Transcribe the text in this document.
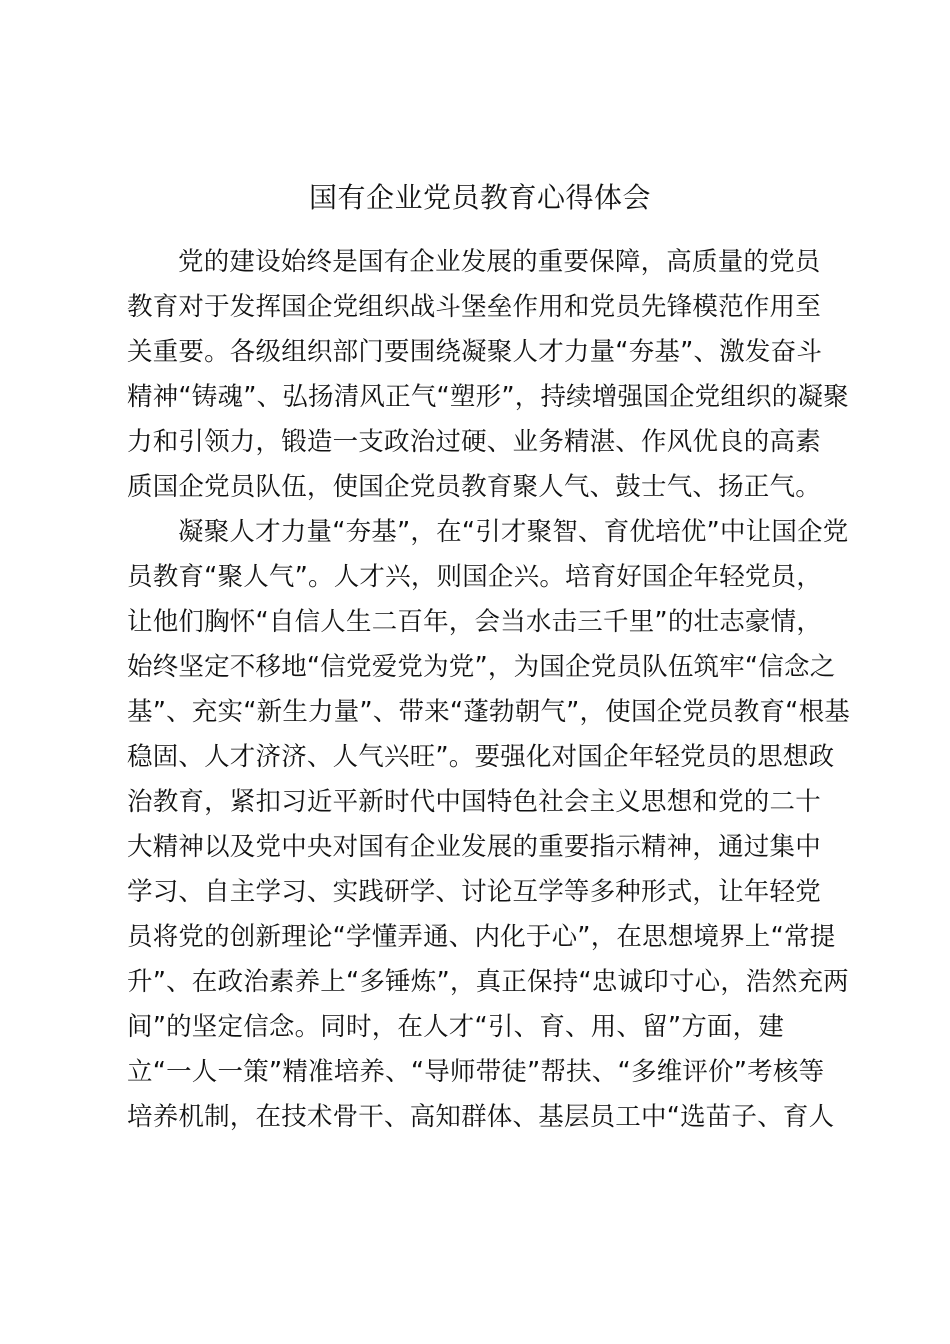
国有企业党员教育心得体会
党的建设始终是国有企业发展的重要保障，高质量的党员
教育对于发挥国企党组织战斗堡垒作用和党员先锋模范作用至
关重要。各级组织部门要围绕凝聚人才力量“夯基”、激发奋斗
精神“铸魂”、弘扬清风正气“塑形”，持续增强国企党组织的凝聚
力和引领力，锻造一支政治过硬、业务精湛、作风优良的高素
质国企党员队伍，使国企党员教育聚人气、鼓士气、扬正气。
凝聚人才力量“夯基”，在“引才聚智、育优培优”中让国企党
员教育“聚人气”。人才兴，则国企兴。培育好国企年轻党员，
让他们胸怀“自信人生二百年，会当水击三千里”的壮志豪情，
始终坚定不移地“信党爱党为党”，为国企党员队伍筑牢“信念之
基”、充实“新生力量”、带来“蓬勃朝气”，使国企党员教育“根基
稳固、人才济济、人气兴旺”。要强化对国企年轻党员的思想政
治教育，紧扣习近平新时代中国特色社会主义思想和党的二十
大精神以及党中央对国有企业发展的重要指示精神，通过集中
学习、自主学习、实践研学、讨论互学等多种形式，让年轻党
员将党的创新理论“学懂弄通、内化于心”，在思想境界上“常提
升”、在政治素养上“多锤炼”，真正保持“忠诚印寸心，浩然充两
间”的坚定信念。同时，在人才“引、育、用、留”方面，建
立“一人一策”精准培养、“导师带徒”帮扶、“多维评价”考核等
培养机制，在技术骨干、高知群体、基层员工中“选苗子、育人
